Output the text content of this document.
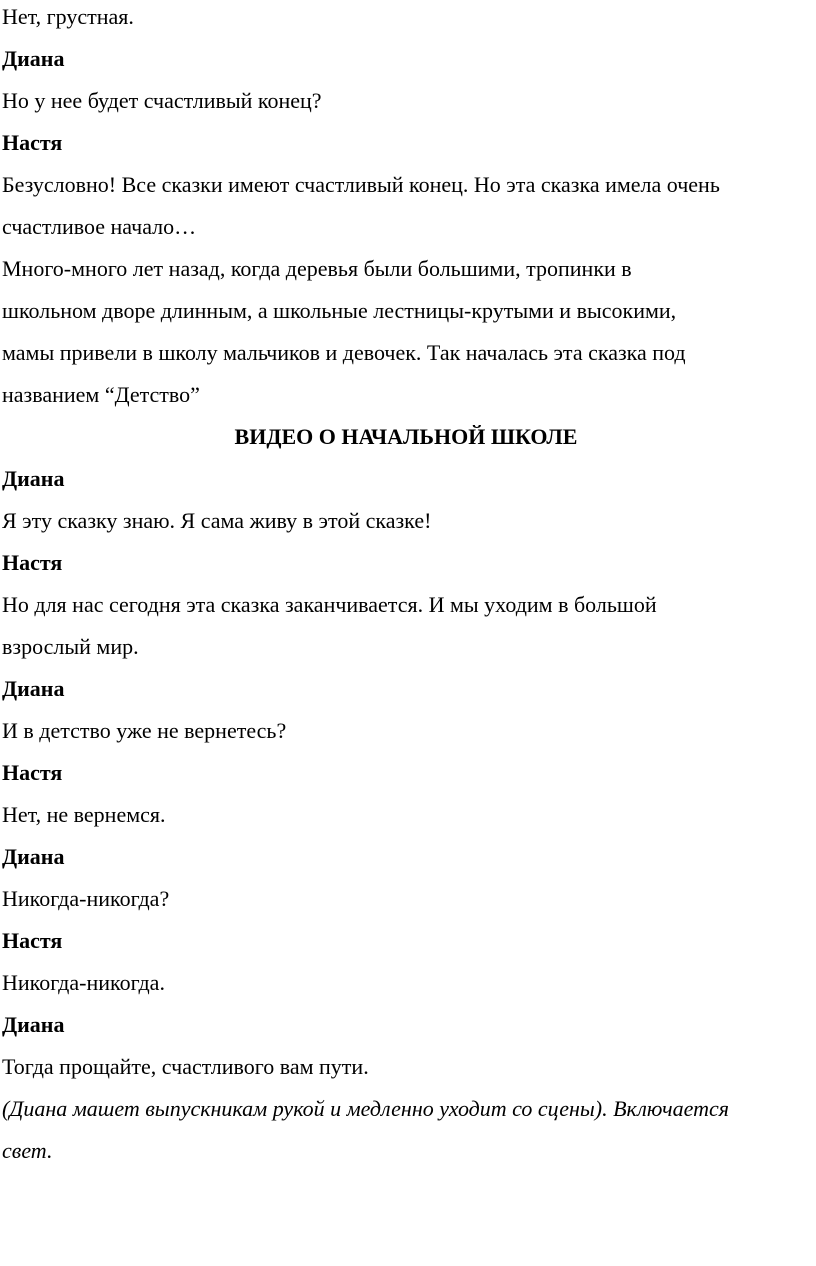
Нет, грустная.
Диана
Но у нее будет счастливый конец?
Настя
Безусловно! Все сказки имеют счастливый конец. Но эта сказка имела очень
счастливое начало…
Много-много лет назад, когда деревья были большими, тропинки в
школьном дворе длинным, а школьные лестницы-крутыми и высокими,
мамы привели в школу мальчиков и девочек. Так началась эта сказка под
названием “Детство”
ВИДЕО О НАЧАЛЬНОЙ ШКОЛЕ
Диана
Я эту сказку знаю. Я сама живу в этой сказке!
Настя
Но для нас сегодня эта сказка заканчивается. И мы уходим в большой
взрослый мир.
Диана
И в детство уже не вернетесь?
Настя
Нет, не вернемся.
Диана
Никогда-никогда?
Настя
Никогда-никогда.
Диана
Тогда прощайте, счастливого вам пути.
(Диана машет выпускникам рукой и медленно уходит со сцены). Включается
свет.
